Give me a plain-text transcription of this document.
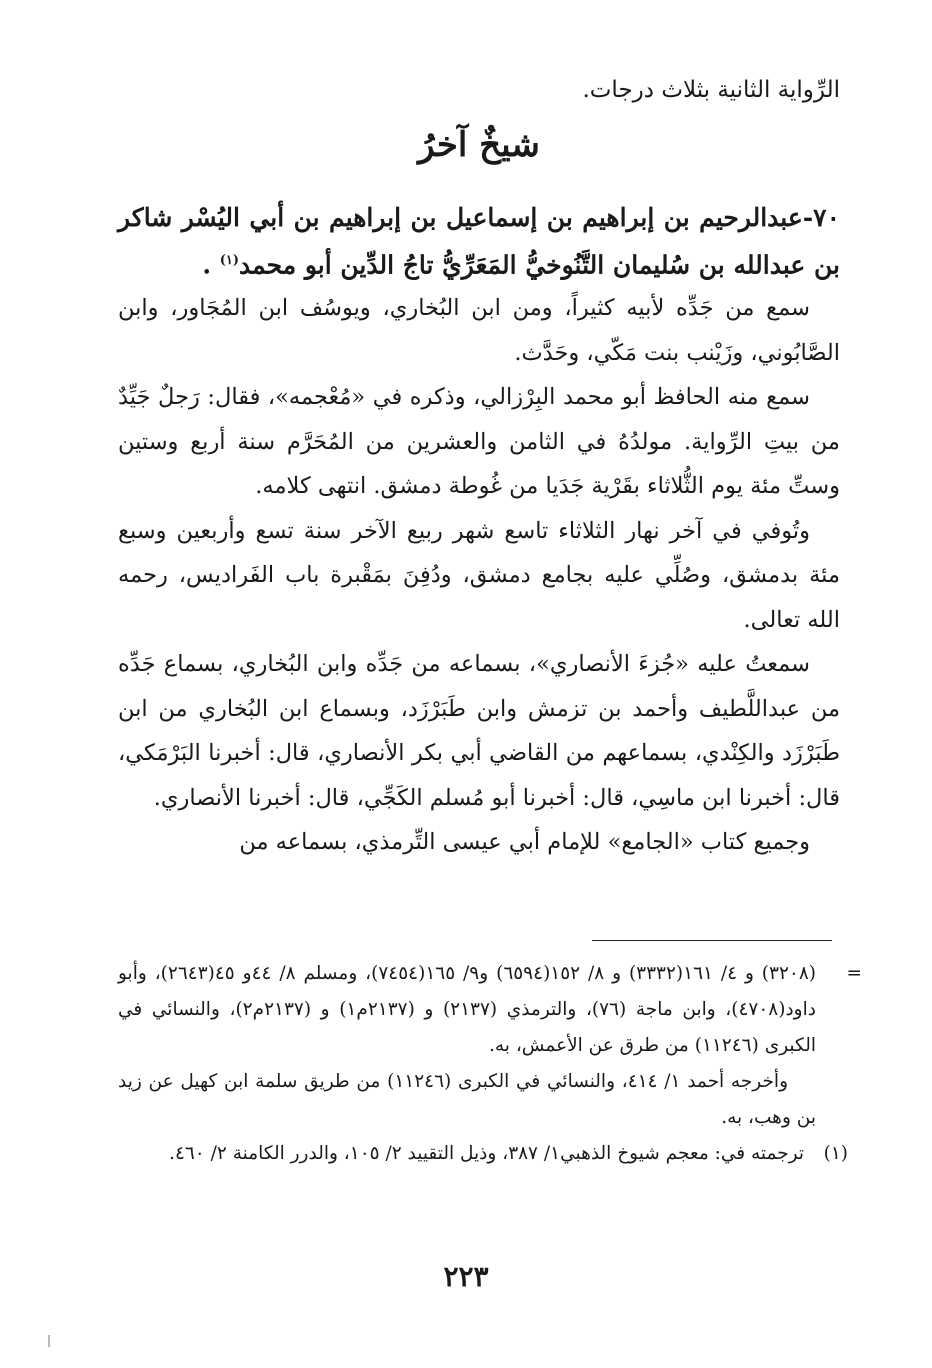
الرِّواية الثانية بثلاث درجات.
شيخٌ آخرُ

٧٠-عبدالرحيم بن إبراهيم بن إسماعيل بن إبراهيم بن أبي اليُسْر شاكر بن عبدالله بن سُليمان التَّنُوخيُّ المَعَرِّيُّ تاجُ الدِّين أبو محمد$^{(١)}$ .

سمع من جَدِّه لأبيه كثيراً، ومن ابن البُخاري، ويوسُف ابن المُجَاور، وابن الصَّابُوني، وزَيْنب بنت مَكّي، وحَدَّث.

سمع منه الحافظ أبو محمد البِرْزالي، وذكره في «مُعْجمه»، فقال: رَجلٌ جَيِّدٌ من بيتِ الرِّواية. مولدُهُ في الثامن والعشرين من المُحَرَّم سنة أربع وستين وستِّ مئة يوم الثُّلاثاء بقَرْية جَدَيا من غُوطة دمشق. انتهى كلامه.

وتُوفي في آخر نهار الثلاثاء تاسع شهر ربيع الآخر سنة تسع وأربعين وسبع مئة بدمشق، وصُلِّي عليه بجامع دمشق، ودُفِنَ بمَقْبرة باب الفَراديس، رحمه الله تعالى.

سمعتُ عليه «جُزءَ الأنصاري»، بسماعه من جَدِّه وابن البُخاري، بسماع جَدِّه من عبداللَّطيف وأحمد بن تزمش وابن طَبَرْزَد، وبسماع ابن البُخاري من ابن طَبَرْزَد والكِنْدي، بسماعهم من القاضي أبي بكر الأنصاري، قال: أخبرنا البَرْمَكي، قال: أخبرنا ابن ماسِي، قال: أخبرنا أبو مُسلم الكَجِّي، قال: أخبرنا الأنصاري.

وجميع كتاب «الجامع» للإمام أبي عيسى التِّرمذي، بسماعه من

=
(٣٢٠٨) و ٤/ ١٦١(٣٣٣٢) و ٨/ ١٥٢(٦٥٩٤) و٩/ ١٦٥(٧٤٥٤)، ومسلم ٨/ ٤٤و ٤٥(٢٦٤٣)، وأبو داود(٤٧٠٨)، وابن ماجة (٧٦)، والترمذي (٢١٣٧) و (٢١٣٧م١) و (٢١٣٧م٢)، والنسائي في الكبرى (١١٢٤٦) من طرق عن الأعمش، به.

وأخرجه أحمد ١/ ٤١٤، والنسائي في الكبرى (١١٢٤٦) من طريق سلمة ابن كهيل عن زيد بن وهب، به.

(١)
ترجمته في: معجم شيوخ الذهبي١/ ٣٨٧، وذيل التقييد ٢/ ١٠٥، والدرر الكامنة ٢/ ٤٦٠.

٢٢٣
